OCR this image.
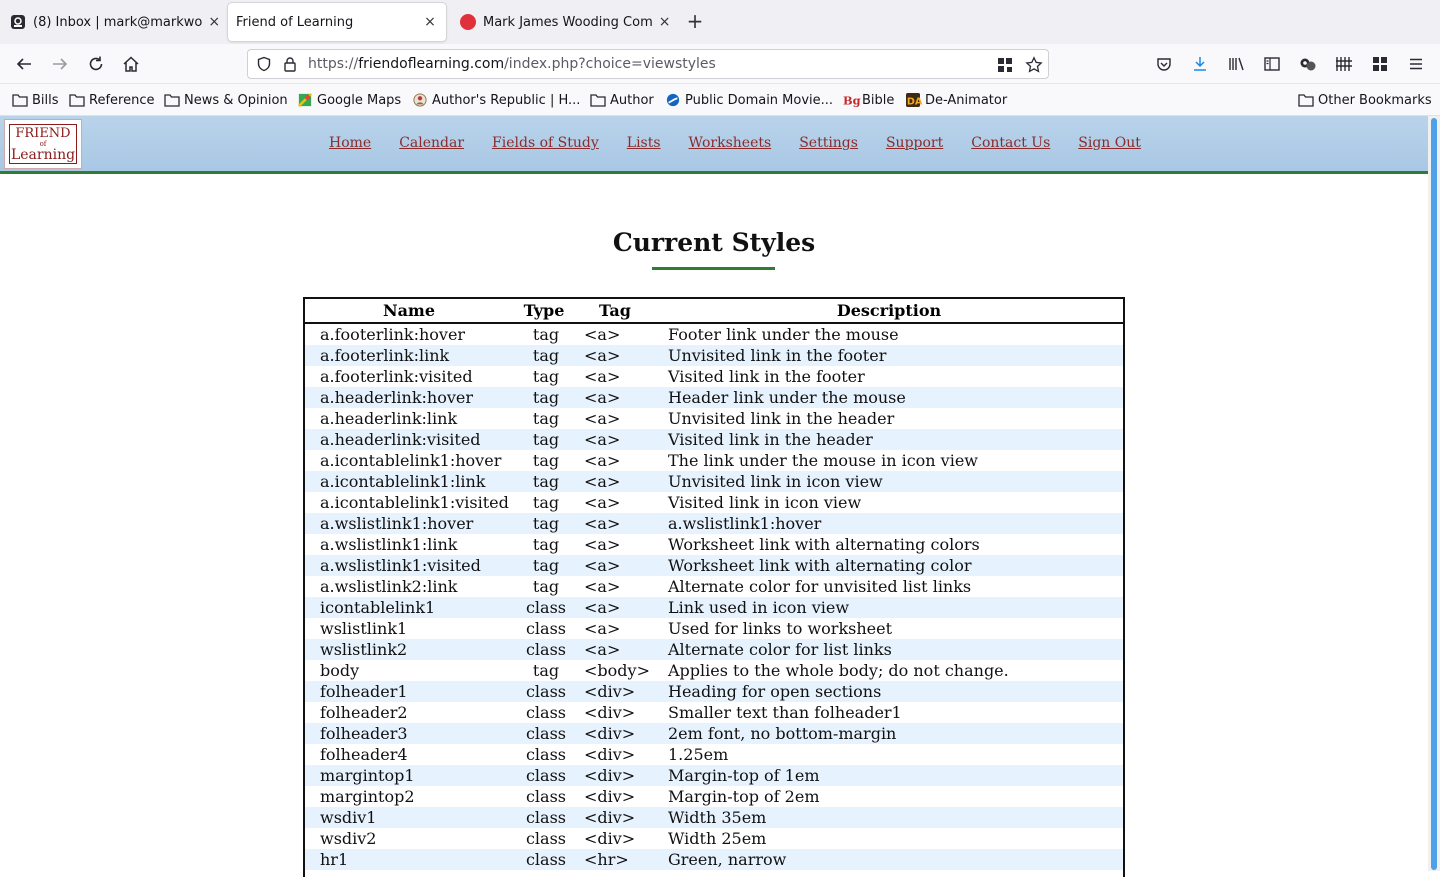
(8) Inbox | mark@markwo × Friend of Learning	×	Mark James Wooding Com × +
https://friendoflearning.com/index.php?choice=viewstyles
Bills Reference News & Opinion Google Maps Author's Republic | H... Author Public Domain Movie... Bg Bible DA De-Animator	Other Bookmarks
FRIEND
of
Learning
Home Calendar Fields of Study Lists Worksheets Settings Support Contact Us Sign Out
Current Styles
Name	Type	Tag	Description
a.footerlink:hover	tag	<a>	Footer link under the mouse
a.footerlink:link	tag	<a>	Unvisited link in the footer
a.footerlink:visited	tag	<a>	Visited link in the footer
a.headerlink:hover	tag	<a>	Header link under the mouse
a.headerlink:link	tag	<a>	Unvisited link in the header
a.headerlink:visited	tag	<a>	Visited link in the header
a.icontablelink1:hover	tag	<a>	The link under the mouse in icon view
a.icontablelink1:link	tag	<a>	Unvisited link in icon view
a.icontablelink1:visited	tag	<a>	Visited link in icon view
a.wslistlink1:hover	tag	<a>	a.wslistlink1:hover
a.wslistlink1:link	tag	<a>	Worksheet link with alternating colors
a.wslistlink1:visited	tag	<a>	Worksheet link with alternating color
a.wslistlink2:link	tag	<a>	Alternate color for unvisited list links
icontablelink1	class	<a>	Link used in icon view
wslistlink1	class	<a>	Used for links to worksheet
wslistlink2	class	<a>	Alternate color for list links
body	tag	<body>	Applies to the whole body; do not change.
folheader1	class	<div>	Heading for open sections
folheader2	class	<div>	Smaller text than folheader1
folheader3	class	<div>	2em font, no bottom-margin
folheader4	class	<div>	1.25em
margintop1	class	<div>	Margin-top of 1em
margintop2	class	<div>	Margin-top of 2em
wsdiv1	class	<div>	Width 35em
wsdiv2	class	<div>	Width 25em
hr1	class	<hr>	Green, narrow
